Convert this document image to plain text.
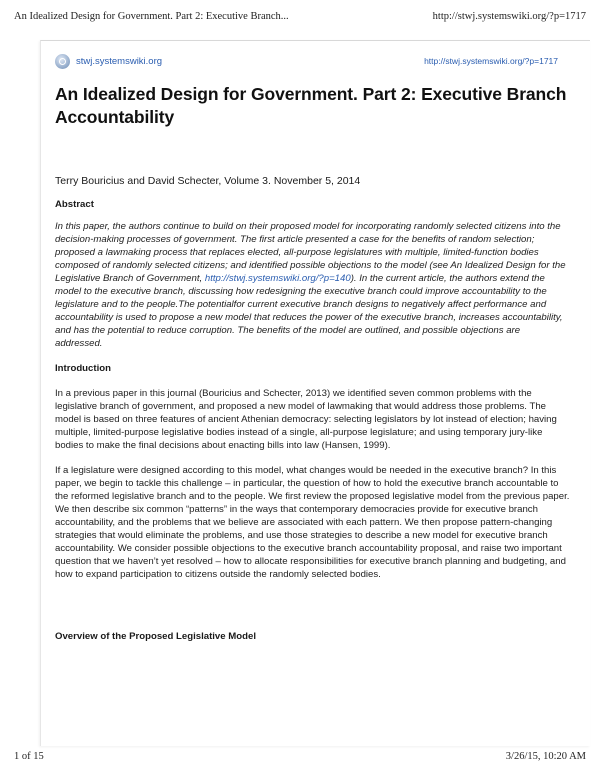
An Idealized Design for Government. Part 2: Executive Branch...	http://stwj.systemswiki.org/?p=1717
stwj.systemswiki.org	http://stwj.systemswiki.org/?p=1717
An Idealized Design for Government. Part 2: Executive Branch Accountability

Terry Bouricius and David Schecter, Volume 3. November 5, 2014

Abstract

In this paper, the authors continue to build on their proposed model for incorporating randomly selected citizens into the decision-making processes of government. The first article presented a case for the benefits of random selection; proposed a lawmaking process that replaces elected, all-purpose legislatures with multiple, limited-function bodies composed of randomly selected citizens; and identified possible objections to the model (see An Idealized Design for the Legislative Branch of Government, http://stwj.systemswiki.org/?p=140). In the current article, the authors extend the model to the executive branch, discussing how redesigning the executive branch could improve accountability to the legislature and to the people.The potentialfor current executive branch designs to negatively affect performance and accountability is used to propose a new model that reduces the power of the executive branch, increases accountability, and has the potential to reduce corruption. The benefits of the model are outlined, and possible objections are addressed.

Introduction

In a previous paper in this journal (Bouricius and Schecter, 2013) we identified seven common problems with the legislative branch of government, and proposed a new model of lawmaking that would address those problems. The model is based on three features of ancient Athenian democracy: selecting legislators by lot instead of election; having multiple, limited-purpose legislative bodies instead of a single, all-purpose legislature; and using temporary jury-like bodies to make the final decisions about enacting bills into law (Hansen, 1999).

If a legislature were designed according to this model, what changes would be needed in the executive branch? In this paper, we begin to tackle this challenge – in particular, the question of how to hold the executive branch accountable to the reformed legislative branch and to the people. We first review the proposed legislative model from the previous paper. We then describe six common “patterns” in the ways that contemporary democracies provide for executive branch accountability, and the problems that we believe are associated with each pattern. We then propose pattern-changing strategies that would eliminate the problems, and use those strategies to describe a new model for executive branch accountability. We consider possible objections to the executive branch accountability proposal, and raise two important question that we haven’t yet resolved – how to allocate responsibilities for executive branch planning and budgeting, and how to expand participation to citizens outside the randomly selected bodies.

Overview of the Proposed Legislative Model

1 of 15	3/26/15, 10:20 AM
